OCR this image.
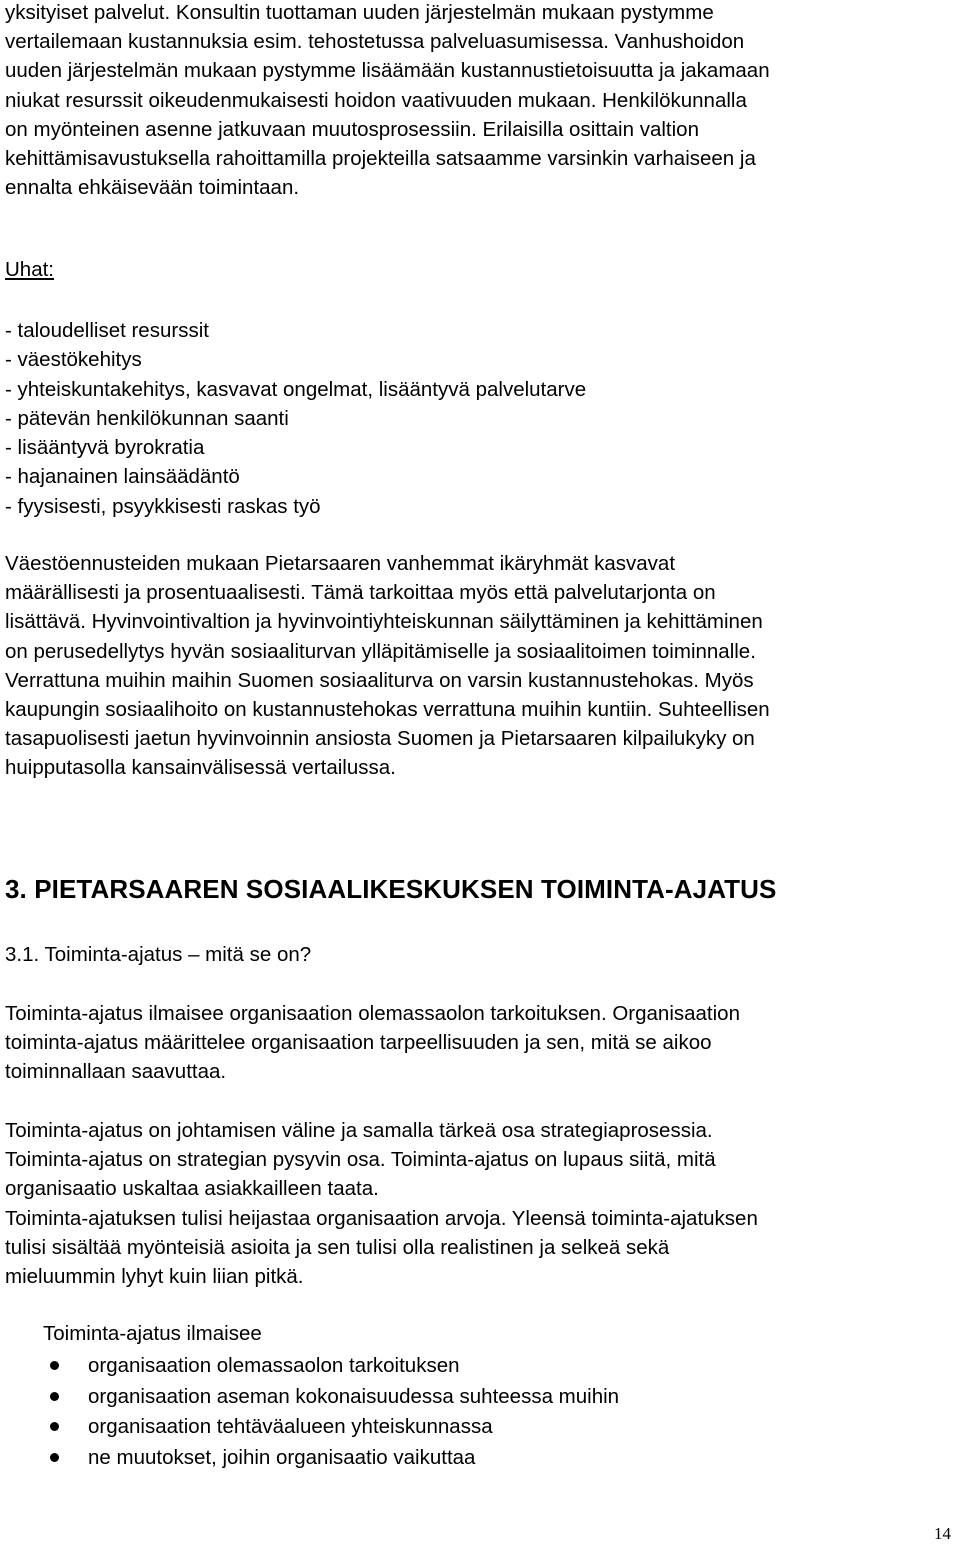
yksityiset palvelut. Konsultin tuottaman uuden järjestelmän mukaan pystymme
vertailemaan kustannuksia esim. tehostetussa palveluasumisessa. Vanhushoidon
uuden järjestelmän mukaan pystymme lisäämään kustannustietoisuutta ja jakamaan
niukat resurssit oikeudenmukaisesti hoidon vaativuuden mukaan. Henkilökunnalla
on myönteinen asenne jatkuvaan muutosprosessiin. Erilaisilla osittain valtion
kehittämisavustuksella rahoittamilla projekteilla satsaamme varsinkin varhaiseen ja
ennalta ehkäisevään toimintaan.
Uhat:
- taloudelliset resurssit
- väestökehitys
- yhteiskuntakehitys, kasvavat ongelmat, lisääntyvä palvelutarve
- pätevän henkilökunnan saanti
- lisääntyvä byrokratia
- hajanainen lainsäädäntö
- fyysisesti, psyykkisesti raskas työ
Väestöennusteiden mukaan Pietarsaaren vanhemmat ikäryhmät kasvavat
määrällisesti ja prosentuaalisesti. Tämä tarkoittaa myös että palvelutarjonta on
lisättävä. Hyvinvointivaltion ja hyvinvointiyhteiskunnan säilyttäminen ja kehittäminen
on perusedellytys hyvän sosiaaliturvan ylläpitämiselle ja sosiaalitoimen toiminnalle.
Verrattuna muihin maihin Suomen sosiaaliturva on varsin kustannustehokas. Myös
kaupungin sosiaalihoito on kustannustehokas verrattuna muihin kuntiin. Suhteellisen
tasapuolisesti jaetun hyvinvoinnin ansiosta Suomen ja Pietarsaaren kilpailukyky on
huipputasolla kansainvälisessä vertailussa.
3. PIETARSAAREN SOSIAALIKESKUKSEN TOIMINTA-AJATUS
3.1. Toiminta-ajatus – mitä se on?
Toiminta-ajatus ilmaisee organisaation olemassaolon tarkoituksen. Organisaation
toiminta-ajatus määrittelee organisaation tarpeellisuuden ja sen, mitä se aikoo
toiminnallaan saavuttaa.
Toiminta-ajatus on johtamisen väline ja samalla tärkeä osa strategiaprosessia.
Toiminta-ajatus on strategian pysyvin osa. Toiminta-ajatus on lupaus siitä, mitä
organisaatio uskaltaa asiakkailleen taata.
Toiminta-ajatuksen tulisi heijastaa organisaation arvoja. Yleensä toiminta-ajatuksen
tulisi sisältää myönteisiä asioita ja sen tulisi olla realistinen ja selkeä sekä
mieluummin lyhyt kuin liian pitkä.
Toiminta-ajatus ilmaisee
organisaation olemassaolon tarkoituksen
organisaation aseman kokonaisuudessa suhteessa muihin
organisaation tehtäväalueen yhteiskunnassa
ne muutokset, joihin organisaatio vaikuttaa
14
